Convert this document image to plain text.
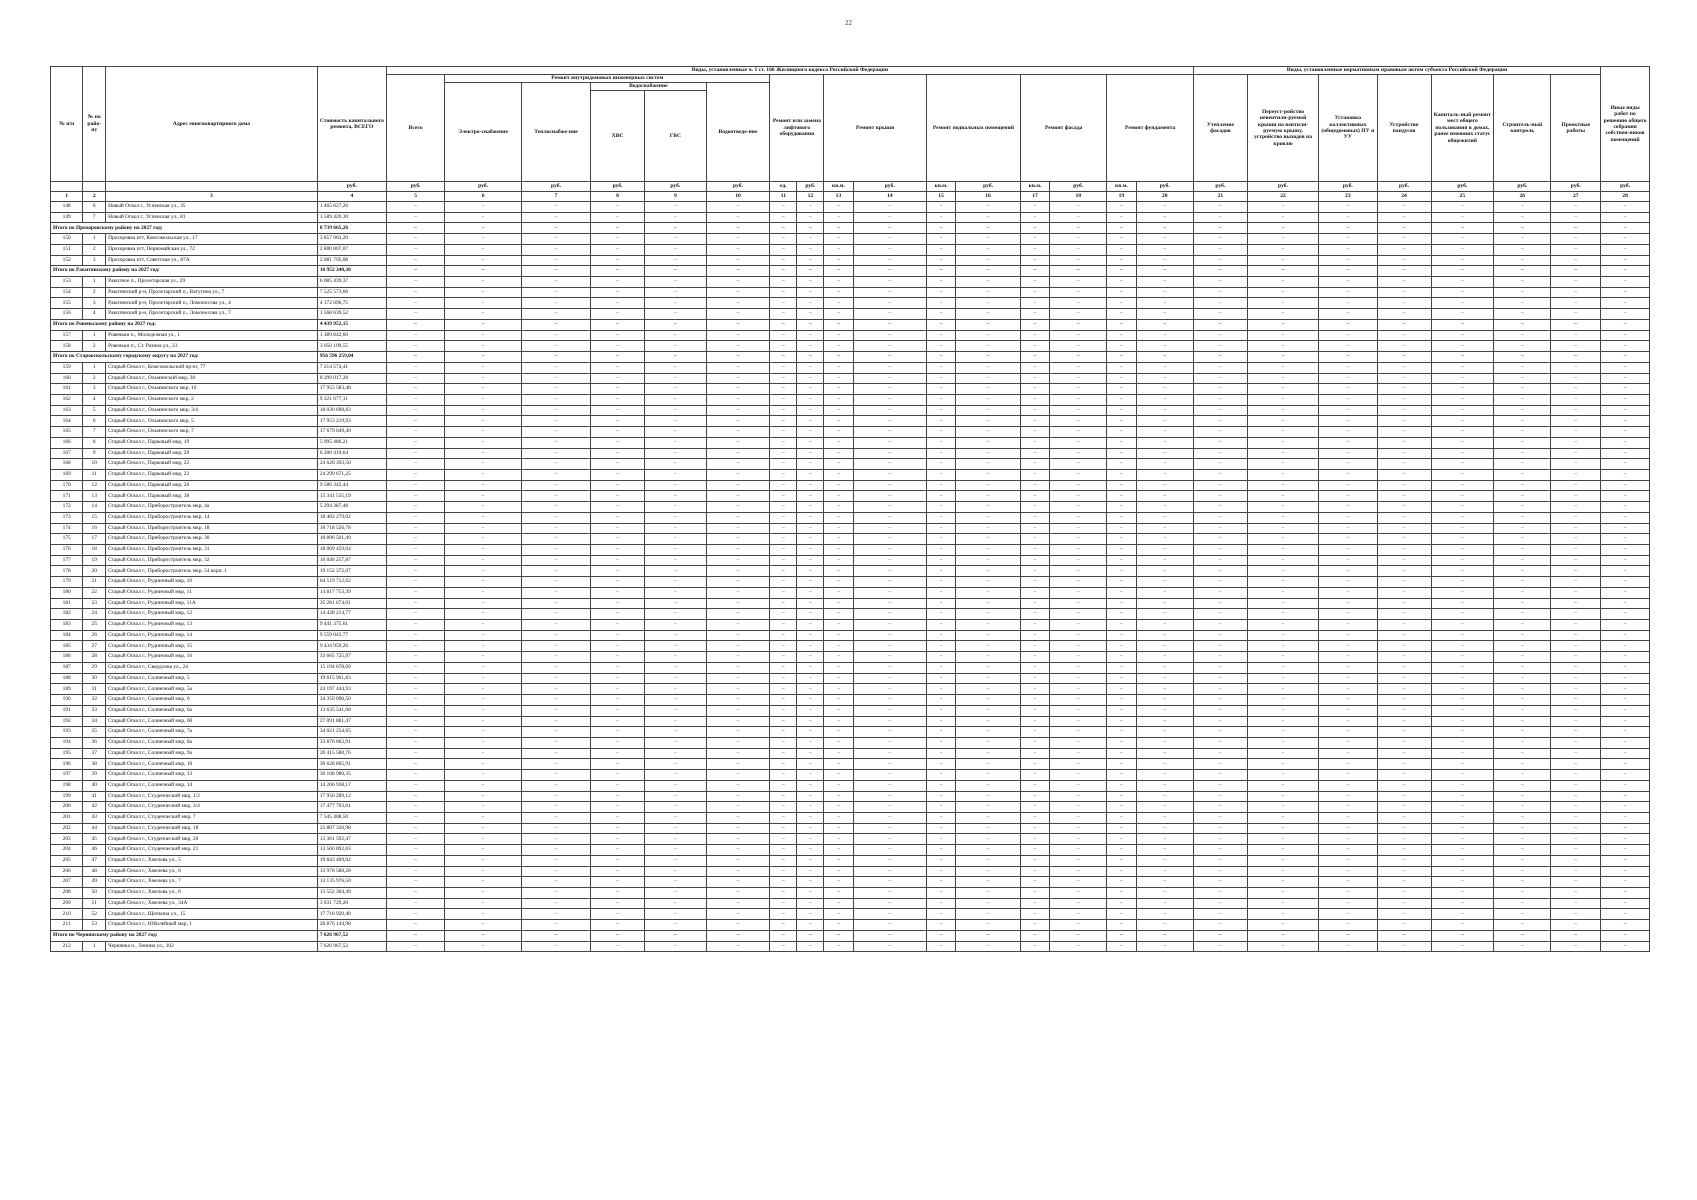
22
№ п/п	№ по райо-ну	Адрес многоквартирного дома	Стоимость капитального ремонта, ВСЕГО	Виды, установленные ч. 1 ст. 166 Жилищного кодекса Российской Федерации																Виды, установленные нормативным правовым актом субъекта Российской Федерации							Иные виды работ по решению общего собрания собствен-ников помещений
				Всего	Ремонт внутридомовых инженерных систем					Ремонт или замена лифтового оборудования		Ремонт крыши		Ремонт подвальных помещений		Ремонт фасада		Ремонт фундамента		Утепление фасадов	Переуст-ройство невентили-руемой крыши на вентили-руемую крышу, устройство выходов на кровлю	Установка коллективных (общедомовых) ПУ и УУ	Устройство пандусов	Капиталь-ный ремонт мест общего пользования в домах, ранее имевших статус общежитий	Строитель-ный контроль	Проектные работы	
					Электро-снабжение	Теплоснабже-ние	Водоснабжение		Водоотведе-ние																		
							ХВС	ГВС																			
			руб.	руб.	руб.	руб.	руб.	руб.	руб.	ед.	руб.	кв.м.	руб.	кв.м.	руб.	кв.м.	руб.	кв.м.	руб.	руб.	руб.	руб.	руб.	руб.	руб.	руб.	руб.
1	2	3	4	5	6	7	8	9	10	11	12	13	14	15	16	17	18	19	20	21	22	23	24	25	26	27	28
148	6	Новый Оскол г., Успенская ул., 35	1 465 627,26	–	–	–	–	–	–	–	–	–	–	–	–	–	–	–	–	–	–	–	–	–	–	–	–
149	7	Новый Оскол г., Успенская ул., 81	1 589 420,30	–	–	–	–	–	–	–	–	–	–	–	–	–	–	–	–	–	–	–	–	–	–	–	–
Итого по Прохоровскому району на 2027 год:			8 739 665,26	–	–	–	–	–	–	–	–	–	–	–	–	–	–	–	–	–	–	–	–	–	–	–	–
150	1	Прохоровка пгт, Комсомольская ул., 17	3 857 063,20	–	–	–	–	–	–	–	–	–	–	–	–	–	–	–	–	–	–	–	–	–	–	–	–
151	2	Прохоровка пгт, Первомайская ул., 72	2 800 807,07	–	–	–	–	–	–	–	–	–	–	–	–	–	–	–	–	–	–	–	–	–	–	–	–
152	3	Прохоровка пгт, Советская ул., 87А	2 081 795,08	–	–	–	–	–	–	–	–	–	–	–	–	–	–	–	–	–	–	–	–	–	–	–	–
Итого по Ракитянскому району на 2027 год:			16 952 340,30	–	–	–	–	–	–	–	–	–	–	–	–	–	–	–	–	–	–	–	–	–	–	–	–
153	1	Ракитное п., Пролетарская ул., 29	6 085 439,37	–	–	–	–	–	–	–	–	–	–	–	–	–	–	–	–	–	–	–	–	–	–	–	–
154	2	Ракитянский р-н, Пролетарский п., Ватутина ул., 7	7 525 573,66	–	–	–	–	–	–	–	–	–	–	–	–	–	–	–	–	–	–	–	–	–	–	–	–
155	3	Ракитянский р-н, Пролетарский п., Ломоносова ул., 4	4 372 696,75	–	–	–	–	–	–	–	–	–	–	–	–	–	–	–	–	–	–	–	–	–	–	–	–
156	4	Ракитянский р-н, Пролетарский п., Ломоносова ул., 7	1 568 639,52	–	–	–	–	–	–	–	–	–	–	–	–	–	–	–	–	–	–	–	–	–	–	–	–
Итого по Ровеньскому району на 2027 год:			4 439 952,15	–	–	–	–	–	–	–	–	–	–	–	–	–	–	–	–	–	–	–	–	–	–	–	–
157	1	Ровеньки п., Молодежная ул., 1	1 389 842,60	–	–	–	–	–	–	–	–	–	–	–	–	–	–	–	–	–	–	–	–	–	–	–	–
158	2	Ровеньки п., Ст. Разина ул., 23	3 050 109,55	–	–	–	–	–	–	–	–	–	–	–	–	–	–	–	–	–	–	–	–	–	–	–	–
Итого по Старооскольскому городскому округу на 2027 год:			956 596 259,04	–	–	–	–	–	–	–	–	–	–	–	–	–	–	–	–	–	–	–	–	–	–	–	–
159	1	Старый Оскол г., Комсомольский пр-кт, 77	7 214 574,41	–	–	–	–	–	–	–	–	–	–	–	–	–	–	–	–	–	–	–	–	–	–	–	–
160	2	Старый Оскол г., Ольминский мкр, 38	8 299 017,28	–	–	–	–	–	–	–	–	–	–	–	–	–	–	–	–	–	–	–	–	–	–	–	–
161	3	Старый Оскол г., Ольминского мкр, 16	17 955 583,48	–	–	–	–	–	–	–	–	–	–	–	–	–	–	–	–	–	–	–	–	–	–	–	–
162	4	Старый Оскол г., Ольминского мкр, 2	9 221 677,11	–	–	–	–	–	–	–	–	–	–	–	–	–	–	–	–	–	–	–	–	–	–	–	–
163	5	Старый Оскол г., Ольминского мкр, 3/4	18 030 698,83	–	–	–	–	–	–	–	–	–	–	–	–	–	–	–	–	–	–	–	–	–	–	–	–
164	6	Старый Оскол г., Ольминского мкр, 5	17 953 219,93	–	–	–	–	–	–	–	–	–	–	–	–	–	–	–	–	–	–	–	–	–	–	–	–
165	7	Старый Оскол г., Ольминского мкр, 7	17 679 049,49	–	–	–	–	–	–	–	–	–	–	–	–	–	–	–	–	–	–	–	–	–	–	–	–
166	8	Старый Оскол г., Парковый мкр, 19	5 995 486,21	–	–	–	–	–	–	–	–	–	–	–	–	–	–	–	–	–	–	–	–	–	–	–	–
167	9	Старый Оскол г., Парковый мкр, 20	6 200 419,64	–	–	–	–	–	–	–	–	–	–	–	–	–	–	–	–	–	–	–	–	–	–	–	–
168	10	Старый Оскол г., Парковый мкр, 22	24 620 393,50	–	–	–	–	–	–	–	–	–	–	–	–	–	–	–	–	–	–	–	–	–	–	–	–
169	11	Старый Оскол г., Парковый мкр, 23	24 299 671,25	–	–	–	–	–	–	–	–	–	–	–	–	–	–	–	–	–	–	–	–	–	–	–	–
170	12	Старый Оскол г., Парковый мкр, 26	9 586 342,44	–	–	–	–	–	–	–	–	–	–	–	–	–	–	–	–	–	–	–	–	–	–	–	–
171	13	Старый Оскол г., Парковый мкр, 38	15 341 535,19	–	–	–	–	–	–	–	–	–	–	–	–	–	–	–	–	–	–	–	–	–	–	–	–
172	14	Старый Оскол г., Приборостроитель мкр, 4а	5 294 387,48	–	–	–	–	–	–	–	–	–	–	–	–	–	–	–	–	–	–	–	–	–	–	–	–
173	15	Старый Оскол г., Приборостроитель мкр, 14	18 482 279,02	–	–	–	–	–	–	–	–	–	–	–	–	–	–	–	–	–	–	–	–	–	–	–	–
174	16	Старый Оскол г., Приборостроитель мкр, 18	18 718 526,78	–	–	–	–	–	–	–	–	–	–	–	–	–	–	–	–	–	–	–	–	–	–	–	–
175	17	Старый Оскол г., Приборостроитель мкр, 30	18 896 501,49	–	–	–	–	–	–	–	–	–	–	–	–	–	–	–	–	–	–	–	–	–	–	–	–
176	18	Старый Оскол г., Приборостроитель мкр, 31	18 069 459,04	–	–	–	–	–	–	–	–	–	–	–	–	–	–	–	–	–	–	–	–	–	–	–	–
177	19	Старый Оскол г., Приборостроитель мкр, 32	16 046 257,87	–	–	–	–	–	–	–	–	–	–	–	–	–	–	–	–	–	–	–	–	–	–	–	–
178	20	Старый Оскол г., Приборостроитель мкр, 54 корп. 1	19 152 372,07	–	–	–	–	–	–	–	–	–	–	–	–	–	–	–	–	–	–	–	–	–	–	–	–
179	21	Старый Оскол г., Рудничный мкр, 10	64 519 712,62	–	–	–	–	–	–	–	–	–	–	–	–	–	–	–	–	–	–	–	–	–	–	–	–
180	22	Старый Оскол г., Рудничный мкр, 11	14 817 753,39	–	–	–	–	–	–	–	–	–	–	–	–	–	–	–	–	–	–	–	–	–	–	–	–
181	23	Старый Оскол г., Рудничный мкр, 11А	35 281 674,01	–	–	–	–	–	–	–	–	–	–	–	–	–	–	–	–	–	–	–	–	–	–	–	–
182	24	Старый Оскол г., Рудничный мкр, 12	14 428 214,77	–	–	–	–	–	–	–	–	–	–	–	–	–	–	–	–	–	–	–	–	–	–	–	–
183	25	Старый Оскол г., Рудничный мкр, 13	9 441 375,61	–	–	–	–	–	–	–	–	–	–	–	–	–	–	–	–	–	–	–	–	–	–	–	–
184	26	Старый Оскол г., Рудничный мкр, 14	9 559 043,77	–	–	–	–	–	–	–	–	–	–	–	–	–	–	–	–	–	–	–	–	–	–	–	–
185	27	Старый Оскол г., Рудничный мкр, 15	9 434 959,26	–	–	–	–	–	–	–	–	–	–	–	–	–	–	–	–	–	–	–	–	–	–	–	–
186	28	Старый Оскол г., Рудничный мкр, 16	33 665 725,97	–	–	–	–	–	–	–	–	–	–	–	–	–	–	–	–	–	–	–	–	–	–	–	–
187	29	Старый Оскол г., Свердлова ул., 24	15 194 678,69	–	–	–	–	–	–	–	–	–	–	–	–	–	–	–	–	–	–	–	–	–	–	–	–
188	30	Старый Оскол г., Солнечный мкр, 5	19 615 961,83	–	–	–	–	–	–	–	–	–	–	–	–	–	–	–	–	–	–	–	–	–	–	–	–
189	31	Старый Оскол г., Солнечный мкр, 5а	24 197 444,93	–	–	–	–	–	–	–	–	–	–	–	–	–	–	–	–	–	–	–	–	–	–	–	–
190	32	Старый Оскол г., Солнечный мкр, 6	34 350 096,50	–	–	–	–	–	–	–	–	–	–	–	–	–	–	–	–	–	–	–	–	–	–	–	–
191	33	Старый Оскол г., Солнечный мкр, 6а	13 635 541,68	–	–	–	–	–	–	–	–	–	–	–	–	–	–	–	–	–	–	–	–	–	–	–	–
192	34	Старый Оскол г., Солнечный мкр, 6б	27 091 881,47	–	–	–	–	–	–	–	–	–	–	–	–	–	–	–	–	–	–	–	–	–	–	–	–
193	35	Старый Оскол г., Солнечный мкр, 7а	34 021 254,65	–	–	–	–	–	–	–	–	–	–	–	–	–	–	–	–	–	–	–	–	–	–	–	–
194	36	Старый Оскол г., Солнечный мкр, 8а	33 876 062,91	–	–	–	–	–	–	–	–	–	–	–	–	–	–	–	–	–	–	–	–	–	–	–	–
195	37	Старый Оскол г., Солнечный мкр, 9а	20 415 580,76	–	–	–	–	–	–	–	–	–	–	–	–	–	–	–	–	–	–	–	–	–	–	–	–
196	38	Старый Оскол г., Солнечный мкр, 10	30 628 865,91	–	–	–	–	–	–	–	–	–	–	–	–	–	–	–	–	–	–	–	–	–	–	–	–
197	39	Старый Оскол г., Солнечный мкр, 13	30 168 980,35	–	–	–	–	–	–	–	–	–	–	–	–	–	–	–	–	–	–	–	–	–	–	–	–
198	40	Старый Оскол г., Солнечный мкр, 14	14 266 938,17	–	–	–	–	–	–	–	–	–	–	–	–	–	–	–	–	–	–	–	–	–	–	–	–
199	41	Старый Оскол г., Студенческий мкр, 1/2	17 950 289,12	–	–	–	–	–	–	–	–	–	–	–	–	–	–	–	–	–	–	–	–	–	–	–	–
200	42	Старый Оскол г., Студенческий мкр, 3/4	17 477 793,61	–	–	–	–	–	–	–	–	–	–	–	–	–	–	–	–	–	–	–	–	–	–	–	–
201	43	Старый Оскол г., Студенческий мкр, 7	7 545 408,50	–	–	–	–	–	–	–	–	–	–	–	–	–	–	–	–	–	–	–	–	–	–	–	–
202	44	Старый Оскол г., Студенческий мкр, 18	23 807 326,98	–	–	–	–	–	–	–	–	–	–	–	–	–	–	–	–	–	–	–	–	–	–	–	–
203	45	Старый Оскол г., Студенческий мкр, 20	13 361 592,47	–	–	–	–	–	–	–	–	–	–	–	–	–	–	–	–	–	–	–	–	–	–	–	–
204	46	Старый Оскол г., Студенческий мкр, 21	13 560 092,03	–	–	–	–	–	–	–	–	–	–	–	–	–	–	–	–	–	–	–	–	–	–	–	–
205	47	Старый Оскол г., Хмелева ул., 5	19 843 409,02	–	–	–	–	–	–	–	–	–	–	–	–	–	–	–	–	–	–	–	–	–	–	–	–
206	48	Старый Оскол г., Хмелева ул., 6	13 978 588,28	–	–	–	–	–	–	–	–	–	–	–	–	–	–	–	–	–	–	–	–	–	–	–	–
207	49	Старый Оскол г., Хмелева ул., 7	13 135 976,50	–	–	–	–	–	–	–	–	–	–	–	–	–	–	–	–	–	–	–	–	–	–	–	–
208	50	Старый Оскол г., Хмелева ул., 8	13 552 304,49	–	–	–	–	–	–	–	–	–	–	–	–	–	–	–	–	–	–	–	–	–	–	–	–
209	51	Старый Оскол г., Хмелева ул., 34А	3 031 729,20	–	–	–	–	–	–	–	–	–	–	–	–	–	–	–	–	–	–	–	–	–	–	–	–
210	52	Старый Оскол г., Щепкина ул., 15	17 716 920,40	–	–	–	–	–	–	–	–	–	–	–	–	–	–	–	–	–	–	–	–	–	–	–	–
211	53	Старый Оскол г., Юбилейный мкр, 1	26 876 144,98	–	–	–	–	–	–	–	–	–	–	–	–	–	–	–	–	–	–	–	–	–	–	–	–
Итого по Чернянскому району на 2027 год:			7 626 967,52	–	–	–	–	–	–	–	–	–	–	–	–	–	–	–	–	–	–	–	–	–	–	–	–
212	1	Чернянка п., Ленина ул., 102	7 626 967,52	–	–	–	–	–	–	–	–	–	–	–	–	–	–	–	–	–	–	–	–	–	–	–	–
